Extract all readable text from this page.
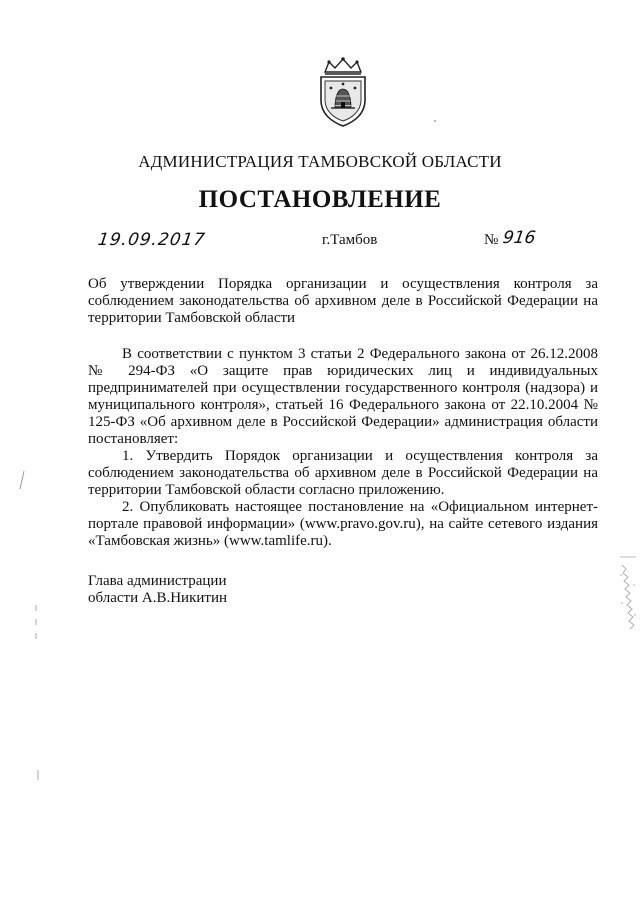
АДМИНИСТРАЦИЯ ТАМБОВСКОЙ ОБЛАСТИ
ПОСТАНОВЛЕНИЕ
19.09.2017	г.Тамбов	№ 916
Об утверждении Порядка организации и осуществления контроля за соблюдением законодательства об архивном деле в Российской Федерации на территории Тамбовской области

В соответствии с пунктом 3 статьи 2 Федерального закона от 26.12.2008 № 294-ФЗ «О защите прав юридических лиц и индивидуальных предпринимателей при осуществлении государственного контроля (надзора) и муниципального контроля», статьей 16 Федерального закона от 22.10.2004 № 125-ФЗ «Об архивном деле в Российской Федерации» администрация области постановляет:

1. Утвердить Порядок организации и осуществления контроля за соблюдением законодательства об архивном деле в Российской Федерации на территории Тамбовской области согласно приложению.

2. Опубликовать настоящее постановление на «Официальном интернет-портале правовой информации» (www.pravo.gov.ru), на сайте сетевого издания «Тамбовская жизнь» (www.tamlife.ru).

Глава администрации
области А.В.Никитин
